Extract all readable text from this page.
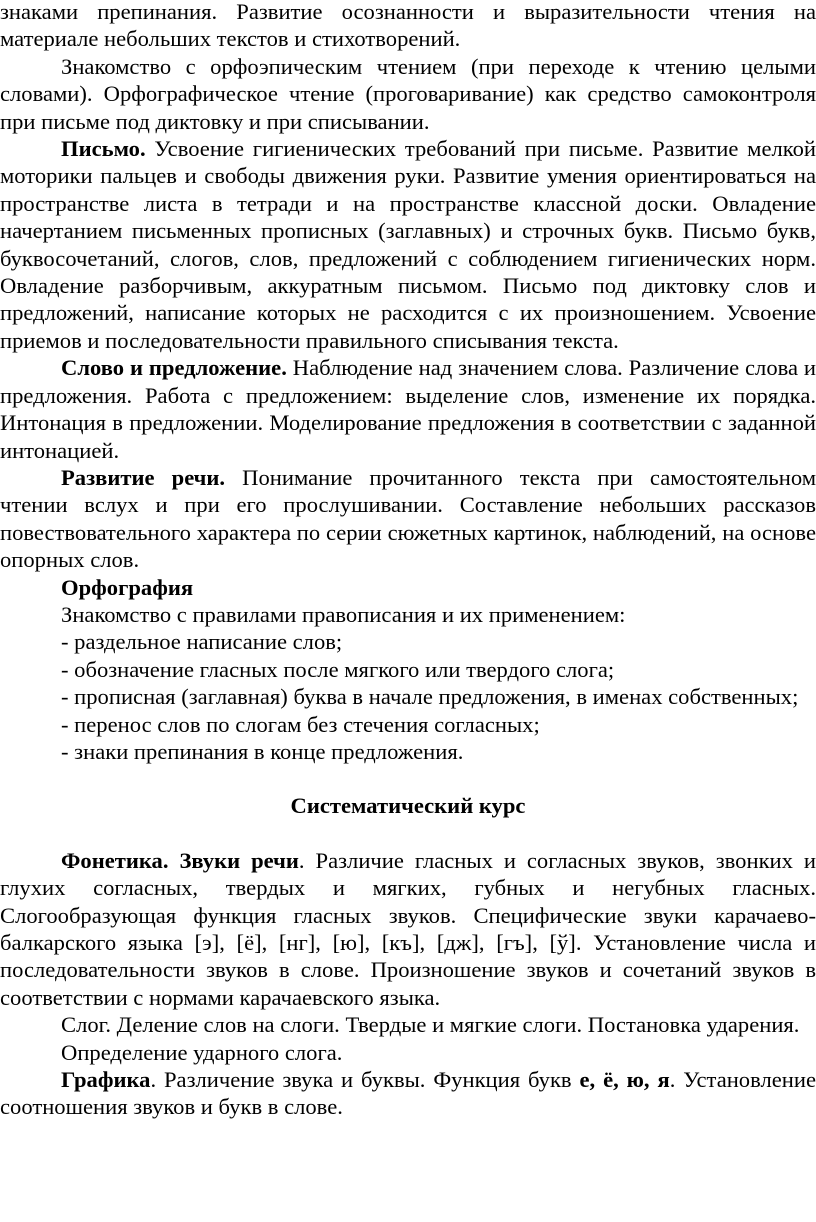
знаками препинания. Развитие осознанности и выразительности чтения на материале небольших текстов и стихотворений.

Знакомство с орфоэпическим чтением (при переходе к чтению целыми словами). Орфографическое чтение (проговаривание) как средство самоконтроля при письме под диктовку и при списывании.

Письмо. Усвоение гигиенических требований при письме. Развитие мелкой моторики пальцев и свободы движения руки. Развитие умения ориентироваться на пространстве листа в тетради и на пространстве классной доски. Овладение начертанием письменных прописных (заглавных) и строчных букв. Письмо букв, буквосочетаний, слогов, слов, предложений с соблюдением гигиенических норм. Овладение разборчивым, аккуратным письмом. Письмо под диктовку слов и предложений, написание которых не расходится с их произношением. Усвоение приемов и последовательности правильного списывания текста.

Слово и предложение. Наблюдение над значением слова. Различение слова и предложения. Работа с предложением: выделение слов, изменение их порядка. Интонация в предложении. Моделирование предложения в соответствии с заданной интонацией.

Развитие речи. Понимание прочитанного текста при самостоятельном чтении вслух и при его прослушивании. Составление небольших рассказов повествовательного характера по серии сюжетных картинок, наблюдений, на основе опорных слов.

Орфография

Знакомство с правилами правописания и их применением:

- раздельное написание слов;

- обозначение гласных после мягкого или твердого слога;

- прописная (заглавная) буква в начале предложения, в именах собственных;

- перенос слов по слогам без стечения согласных;

- знаки препинания в конце предложения.

Систематический курс

Фонетика. Звуки речи. Различие гласных и согласных звуков, звонких и глухих согласных, твердых и мягких, губных и негубных гласных. Слогообразующая функция гласных звуков. Специфические звуки карачаево-балкарского языка [э], [ё], [нг], [ю], [къ], [дж], [гъ], [ў]. Установление числа и последовательности звуков в слове. Произношение звуков и сочетаний звуков в соответствии с нормами карачаевского языка.

Слог. Деление слов на слоги. Твердые и мягкие слоги. Постановка ударения.

Определение ударного слога.

Графика. Различение звука и буквы. Функция букв е, ё, ю, я. Установление соотношения звуков и букв в слове.
